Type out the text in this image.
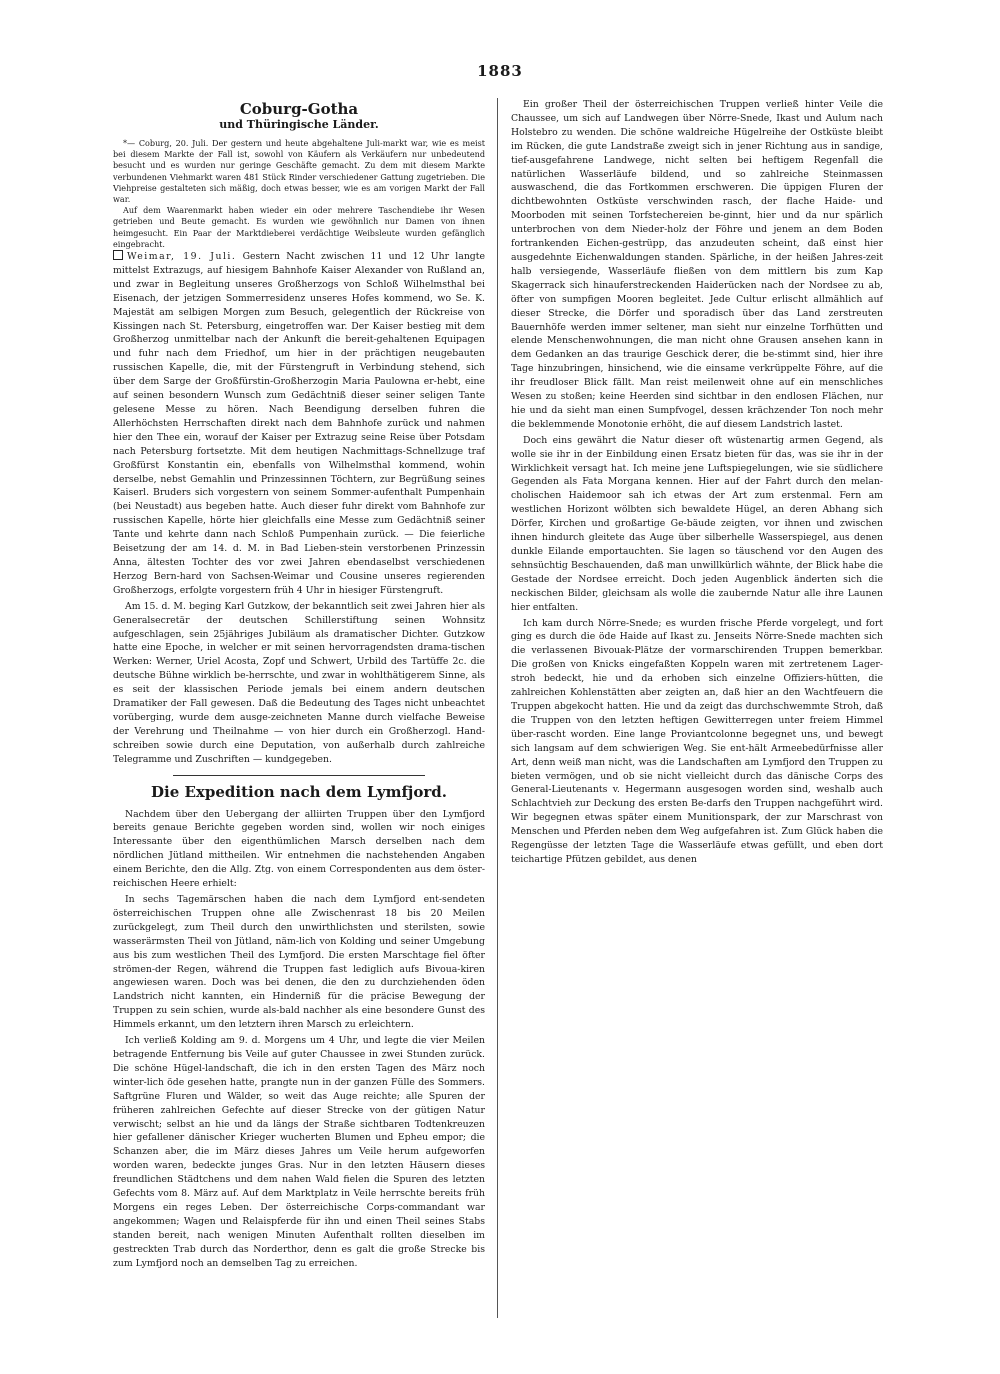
1883
Coburg-Gotha
und Thüringische Länder.

*— Coburg, 20. Juli. Der gestern und heute abgehaltene Juli-markt war, wie es meist bei diesem Markte der Fall ist, sowohl von Käufern als Verkäufern nur unbedeutend besucht und es wurden nur geringe Geschäfte gemacht. Zu dem mit diesem Markte verbundenen Viehmarkt waren 481 Stück Rinder verschiedener Gattung zugetrieben. Die Viehpreise gestalteten sich mäßig, doch etwas besser, wie es am vorigen Markt der Fall war.

Auf dem Waarenmarkt haben wieder ein oder mehrere Taschendiebe ihr Wesen getrieben und Beute gemacht. Es wurden wie gewöhnlich nur Damen von ihnen heimgesucht. Ein Paar der Marktdieberei verdächtige Weibsleute wurden gefänglich eingebracht.

Weimar, 19. Juli. Gestern Nacht zwischen 11 und 12 Uhr langte mittelst Extrazugs, auf hiesigem Bahnhofe Kaiser Alexander von Rußland an, und zwar in Begleitung unseres Großherzogs von Schloß Wilhelmsthal bei Eisenach, der jetzigen Sommerresidenz unseres Hofes kommend, wo Se. K. Majestät am selbigen Morgen zum Besuch, gelegentlich der Rückreise von Kissingen nach St. Petersburg, eingetroffen war. Der Kaiser bestieg mit dem Großherzog unmittelbar nach der Ankunft die bereit-gehaltenen Equipagen und fuhr nach dem Friedhof, um hier in der prächtigen neugebauten russischen Kapelle, die, mit der Fürstengruft in Verbindung stehend, sich über dem Sarge der Großfürstin-Großherzogin Maria Paulowna er-hebt, eine auf seinen besondern Wunsch zum Gedächtniß dieser seiner seligen Tante gelesene Messe zu hören. Nach Beendigung derselben fuhren die Allerhöchsten Herrschaften direkt nach dem Bahnhofe zurück und nahmen hier den Thee ein, worauf der Kaiser per Extrazug seine Reise über Potsdam nach Petersburg fortsetzte. Mit dem heutigen Nachmittags-Schnellzuge traf Großfürst Konstantin ein, ebenfalls von Wilhelmsthal kommend, wohin derselbe, nebst Gemahlin und Prinzessinnen Töchtern, zur Begrüßung seines Kaiserl. Bruders sich vorgestern von seinem Sommer-aufenthalt Pumpenhain (bei Neustadt) aus begeben hatte. Auch dieser fuhr direkt vom Bahnhofe zur russischen Kapelle, hörte hier gleichfalls eine Messe zum Gedächtniß seiner Tante und kehrte dann nach Schloß Pumpenhain zurück. — Die feierliche Beisetzung der am 14. d. M. in Bad Lieben-stein verstorbenen Prinzessin Anna, ältesten Tochter des vor zwei Jahren ebendaselbst verschiedenen Herzog Bern-hard von Sachsen-Weimar und Cousine unseres regierenden Großherzogs, erfolgte vorgestern früh 4 Uhr in hiesiger Fürstengruft.

Am 15. d. M. beging Karl Gutzkow, der bekanntlich seit zwei Jahren hier als Generalsecretär der deutschen Schillerstiftung seinen Wohnsitz aufgeschlagen, sein 25jähriges Jubiläum als dramatischer Dichter. Gutzkow hatte eine Epoche, in welcher er mit seinen hervorragendsten drama-tischen Werken: Werner, Uriel Acosta, Zopf und Schwert, Urbild des Tartüffe 2c. die deutsche Bühne wirklich be-herrschte, und zwar in wohlthätigerem Sinne, als es seit der klassischen Periode jemals bei einem andern deutschen Dramatiker der Fall gewesen. Daß die Bedeutung des Tages nicht unbeachtet vorüberging, wurde dem ausge-zeichneten Manne durch vielfache Beweise der Verehrung und Theilnahme — von hier durch ein Großherzogl. Hand-schreiben sowie durch eine Deputation, von außerhalb durch zahlreiche Telegramme und Zuschriften — kundgegeben.

Die Expedition nach dem Lymfjord.

Nachdem über den Uebergang der alliirten Truppen über den Lymfjord bereits genaue Berichte gegeben worden sind, wollen wir noch einiges Interessante über den eigenthümlichen Marsch derselben nach dem nördlichen Jütland mittheilen. Wir entnehmen die nachstehenden Angaben einem Berichte, den die Allg. Ztg. von einem Correspondenten aus dem öster-reichischen Heere erhielt:

In sechs Tagemärschen haben die nach dem Lymfjord ent-sendeten österreichischen Truppen ohne alle Zwischenrast 18 bis 20 Meilen zurückgelegt, zum Theil durch den unwirthlichsten und sterilsten, sowie wasserärmsten Theil von Jütland, näm-lich von Kolding und seiner Umgebung aus bis zum westlichen Theil des Lymfjord. Die ersten Marschtage fiel öfter strömen-der Regen, während die Truppen fast lediglich aufs Bivoua-kiren angewiesen waren. Doch was bei denen, die den zu durchziehenden öden Landstrich nicht kannten, ein Hinderniß für die präcise Bewegung der Truppen zu sein schien, wurde als-bald nachher als eine besondere Gunst des Himmels erkannt, um den letztern ihren Marsch zu erleichtern.

Ich verließ Kolding am 9. d. Morgens um 4 Uhr, und legte die vier Meilen betragende Entfernung bis Veile auf guter Chaussee in zwei Stunden zurück. Die schöne Hügel-landschaft, die ich in den ersten Tagen des März noch winter-lich öde gesehen hatte, prangte nun in der ganzen Fülle des Sommers. Saftgrüne Fluren und Wälder, so weit das Auge reichte; alle Spuren der früheren zahlreichen Gefechte auf dieser Strecke von der gütigen Natur verwischt; selbst an hie und da längs der Straße sichtbaren Todtenkreuzen hier gefallener dänischer Krieger wucherten Blumen und Epheu empor; die Schanzen aber, die im März dieses Jahres um Veile herum aufgeworfen worden waren, bedeckte junges Gras. Nur in den letzten Häusern dieses freundlichen Städtchens und dem nahen Wald fielen die Spuren des letzten Gefechts vom 8. März auf. Auf dem Marktplatz in Veile herrschte bereits früh Morgens ein reges Leben. Der österreichische Corps-commandant war angekommen; Wagen und Relaispferde für ihn und einen Theil seines Stabs standen bereit, nach wenigen Minuten Aufenthalt rollten dieselben im gestreckten Trab durch das Norderthor, denn es galt die große Strecke bis zum Lymfjord noch an demselben Tag zu erreichen.

Ein großer Theil der österreichischen Truppen verließ hinter Veile die Chaussee, um sich auf Landwegen über Nörre-Snede, Ikast und Aulum nach Holstebro zu wenden. Die schöne waldreiche Hügelreihe der Ostküste bleibt im Rücken, die gute Landstraße zweigt sich in jener Richtung aus in sandige, tief-ausgefahrene Landwege, nicht selten bei heftigem Regenfall die natürlichen Wasserläufe bildend, und so zahlreiche Steinmassen auswaschend, die das Fortkommen erschweren. Die üppigen Fluren der dichtbewohnten Ostküste verschwinden rasch, der flache Haide- und Moorboden mit seinen Torfstechereien be-ginnt, hier und da nur spärlich unterbrochen von dem Nieder-holz der Föhre und jenem an dem Boden fortrankenden Eichen-gestrüpp, das anzudeuten scheint, daß einst hier ausgedehnte Eichenwaldungen standen. Spärliche, in der heißen Jahres-zeit halb versiegende, Wasserläufe fließen von dem mittlern bis zum Kap Skagerrack sich hinauferstreckenden Haiderücken nach der Nordsee zu ab, öfter von sumpfigen Mooren begleitet. Jede Cultur erlischt allmählich auf dieser Strecke, die Dörfer und sporadisch über das Land zerstreuten Bauernhöfe werden immer seltener, man sieht nur einzelne Torfhütten und elende Menschenwohnungen, die man nicht ohne Grausen ansehen kann in dem Gedanken an das traurige Geschick derer, die be-stimmt sind, hier ihre Tage hinzubringen, hinsichend, wie die einsame verkrüppelte Föhre, auf die ihr freudloser Blick fällt. Man reist meilenweit ohne auf ein menschliches Wesen zu stoßen; keine Heerden sind sichtbar in den endlosen Flächen, nur hie und da sieht man einen Sumpfvogel, dessen krächzender Ton noch mehr die beklemmende Monotonie erhöht, die auf diesem Landstrich lastet.

Doch eins gewährt die Natur dieser oft wüstenartig armen Gegend, als wolle sie ihr in der Einbildung einen Ersatz bieten für das, was sie ihr in der Wirklichkeit versagt hat. Ich meine jene Luftspiegelungen, wie sie südlichere Gegenden als Fata Morgana kennen. Hier auf der Fahrt durch den melan-cholischen Haidemoor sah ich etwas der Art zum erstenmal. Fern am westlichen Horizont wölbten sich bewaldete Hügel, an deren Abhang sich Dörfer, Kirchen und großartige Ge-bäude zeigten, vor ihnen und zwischen ihnen hindurch gleitete das Auge über silberhelle Wasserspiegel, aus denen dunkle Eilande emportauchten. Sie lagen so täuschend vor den Augen des sehnsüchtig Beschauenden, daß man unwillkürlich wähnte, der Blick habe die Gestade der Nordsee erreicht. Doch jeden Augenblick änderten sich die neckischen Bilder, gleichsam als wolle die zaubernde Natur alle ihre Launen hier entfalten.

Ich kam durch Nörre-Snede; es wurden frische Pferde vorgelegt, und fort ging es durch die öde Haide auf Ikast zu. Jenseits Nörre-Snede machten sich die verlassenen Bivouak-Plätze der vormarschirenden Truppen bemerkbar. Die großen von Knicks eingefaßten Koppeln waren mit zertretenem Lager-stroh bedeckt, hie und da erhoben sich einzelne Offiziers-hütten, die zahlreichen Kohlenstätten aber zeigten an, daß hier an den Wachtfeuern die Truppen abgekocht hatten. Hie und da zeigt das durchschwemmte Stroh, daß die Truppen von den letzten heftigen Gewitterregen unter freiem Himmel über-rascht worden. Eine lange Proviantcolonne begegnet uns, und bewegt sich langsam auf dem schwierigen Weg. Sie ent-hält Armeebedürfnisse aller Art, denn weiß man nicht, was die Landschaften am Lymfjord den Truppen zu bieten vermögen, und ob sie nicht vielleicht durch das dänische Corps des General-Lieutenants v. Hegermann ausgesogen worden sind, weshalb auch Schlachtvieh zur Deckung des ersten Be-darfs den Truppen nachgeführt wird. Wir begegnen etwas später einem Munitionspark, der zur Marschrast von Menschen und Pferden neben dem Weg aufgefahren ist. Zum Glück haben die Regengüsse der letzten Tage die Wasserläufe etwas gefüllt, und eben dort teichartige Pfützen gebildet, aus denen
